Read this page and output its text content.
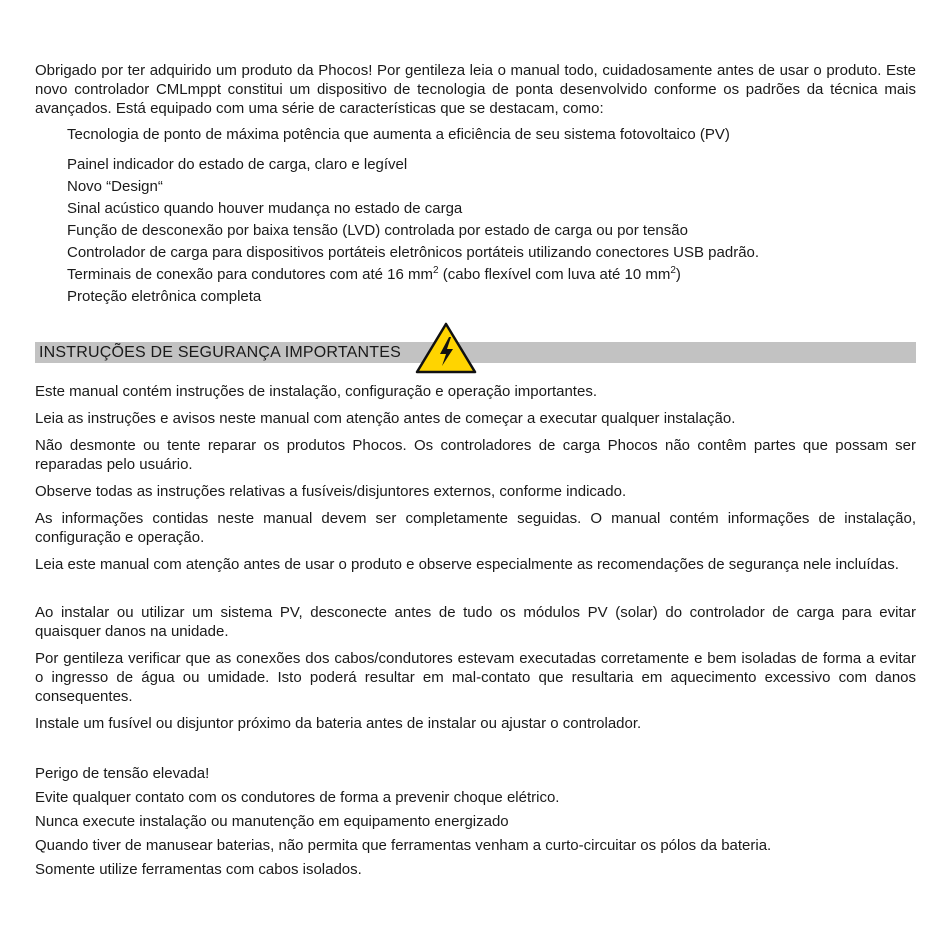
Obrigado por ter adquirido um produto da Phocos! Por gentileza leia o manual todo, cuidadosamente antes de usar o produto. Este novo controlador CMLmppt constitui um dispositivo de tecnologia de ponta desenvolvido conforme os padrões da técnica mais avançados. Está equipado com uma série de características que se destacam, como:

Tecnologia de ponto de máxima potência que aumenta a eficiência de seu sistema fotovoltaico (PV)
Painel indicador do estado de carga, claro e legível
Novo “Design“
Sinal acústico quando houver mudança no estado de carga
Função de desconexão por baixa tensão (LVD) controlada por estado de carga ou por tensão
Controlador de carga para dispositivos portáteis eletrônicos portáteis utilizando conectores USB padrão.
Terminais de conexão para condutores com até 16 $mm^2$ (cabo flexível com luva até 10 $mm^2$)
Proteção eletrônica completa
INSTRUÇÕES DE SEGURANÇA IMPORTANTES

Este manual contém instruções de instalação, configuração e operação importantes.

Leia as instruções e avisos neste manual com atenção antes de começar a executar qualquer instalação.

Não desmonte ou tente reparar os produtos Phocos. Os controladores de carga Phocos não contêm partes que possam ser reparadas pelo usuário.

Observe todas as instruções relativas a fusíveis/disjuntores externos, conforme indicado.

As informações contidas neste manual devem ser completamente seguidas. O manual contém informações de instalação, configuração e operação.

Leia este manual com atenção antes de usar o produto e observe especialmente as recomendações de segurança nele incluídas.

Ao instalar ou utilizar um sistema PV, desconecte antes de tudo os módulos PV (solar) do controlador de carga para evitar quaisquer danos na unidade.

Por gentileza verificar que as conexões dos cabos/condutores estevam executadas corretamente e bem isoladas de forma a evitar o ingresso de água ou umidade. Isto poderá resultar em mal-contato que resultaria em aquecimento excessivo com danos consequentes.

Instale um fusível ou disjuntor próximo da bateria antes de instalar ou ajustar o controlador.

Perigo de tensão elevada!

Evite qualquer contato com os condutores de forma a prevenir choque elétrico.

Nunca execute instalação ou manutenção em equipamento energizado

Quando tiver de manusear baterias, não permita que ferramentas venham a curto-circuitar os pólos da bateria.

Somente utilize ferramentas com cabos isolados.
